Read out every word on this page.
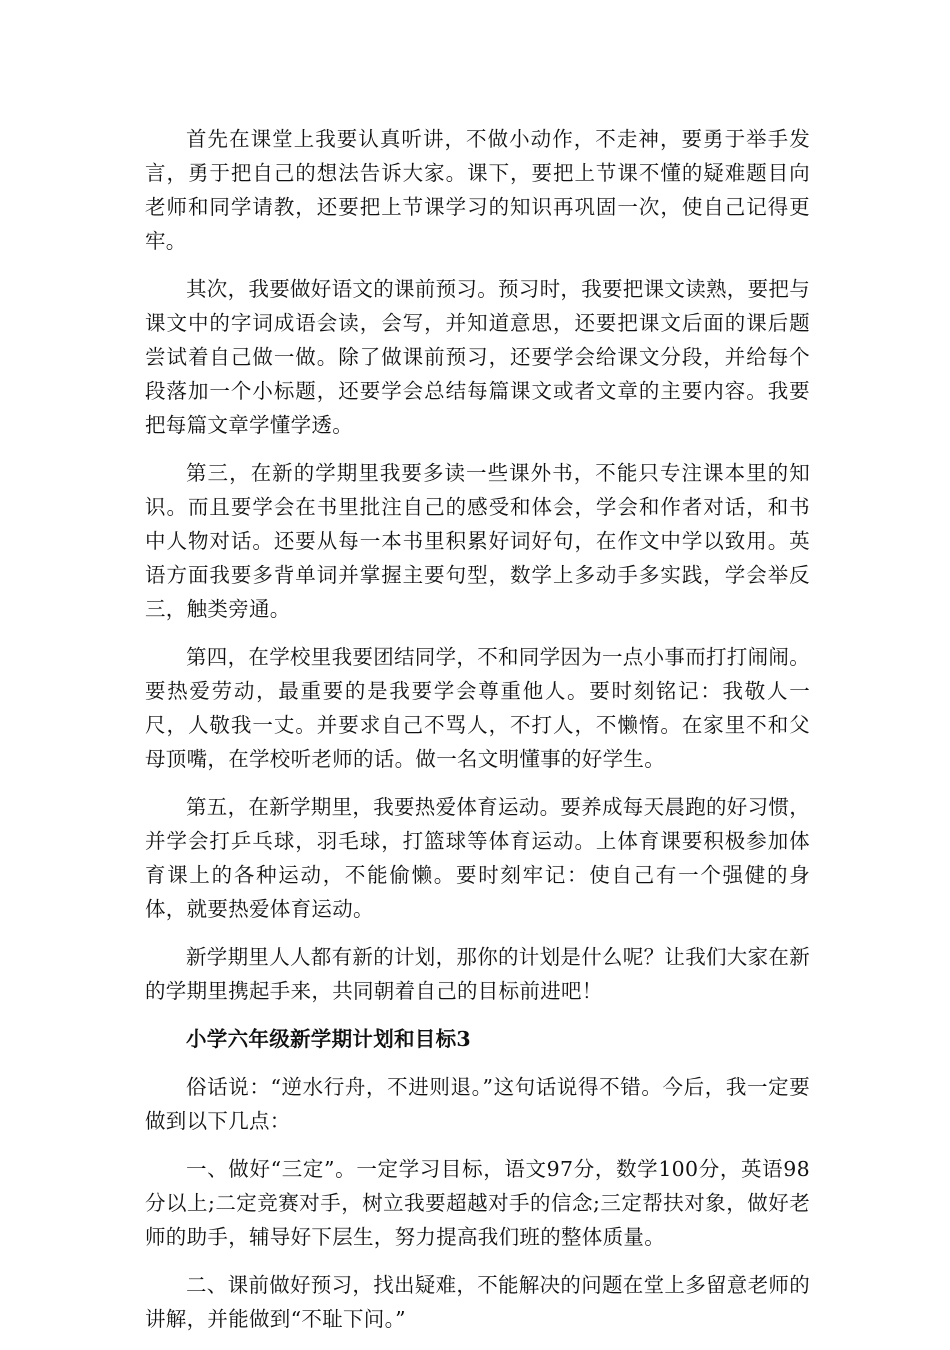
首先在课堂上我要认真听讲，不做小动作，不走神，要勇于举手发言，勇于把自己的想法告诉大家。课下，要把上节课不懂的疑难题目向老师和同学请教，还要把上节课学习的知识再巩固一次，使自己记得更牢。

其次，我要做好语文的课前预习。预习时，我要把课文读熟，要把与课文中的字词成语会读，会写，并知道意思，还要把课文后面的课后题尝试着自己做一做。除了做课前预习，还要学会给课文分段，并给每个段落加一个小标题，还要学会总结每篇课文或者文章的主要内容。我要把每篇文章学懂学透。

第三，在新的学期里我要多读一些课外书，不能只专注课本里的知识。而且要学会在书里批注自己的感受和体会，学会和作者对话，和书中人物对话。还要从每一本书里积累好词好句，在作文中学以致用。英语方面我要多背单词并掌握主要句型，数学上多动手多实践，学会举反三，触类旁通。

第四，在学校里我要团结同学，不和同学因为一点小事而打打闹闹。要热爱劳动，最重要的是我要学会尊重他人。要时刻铭记：我敬人一尺，人敬我一丈。并要求自己不骂人，不打人，不懒惰。在家里不和父母顶嘴，在学校听老师的话。做一名文明懂事的好学生。

第五，在新学期里，我要热爱体育运动。要养成每天晨跑的好习惯，并学会打乒乓球，羽毛球，打篮球等体育运动。上体育课要积极参加体育课上的各种运动，不能偷懒。要时刻牢记：使自己有一个强健的身体，就要热爱体育运动。

新学期里人人都有新的计划，那你的计划是什么呢？让我们大家在新的学期里携起手来，共同朝着自己的目标前进吧！

小学六年级新学期计划和目标3

俗话说：“逆水行舟，不进则退。”这句话说得不错。今后，我一定要做到以下几点：

一、做好“三定”。一定学习目标，语文97分，数学100分，英语98分以上;二定竞赛对手，树立我要超越对手的信念;三定帮扶对象，做好老师的助手，辅导好下层生，努力提高我们班的整体质量。

二、课前做好预习，找出疑难，不能解决的问题在堂上多留意老师的讲解，并能做到“不耻下问。”
